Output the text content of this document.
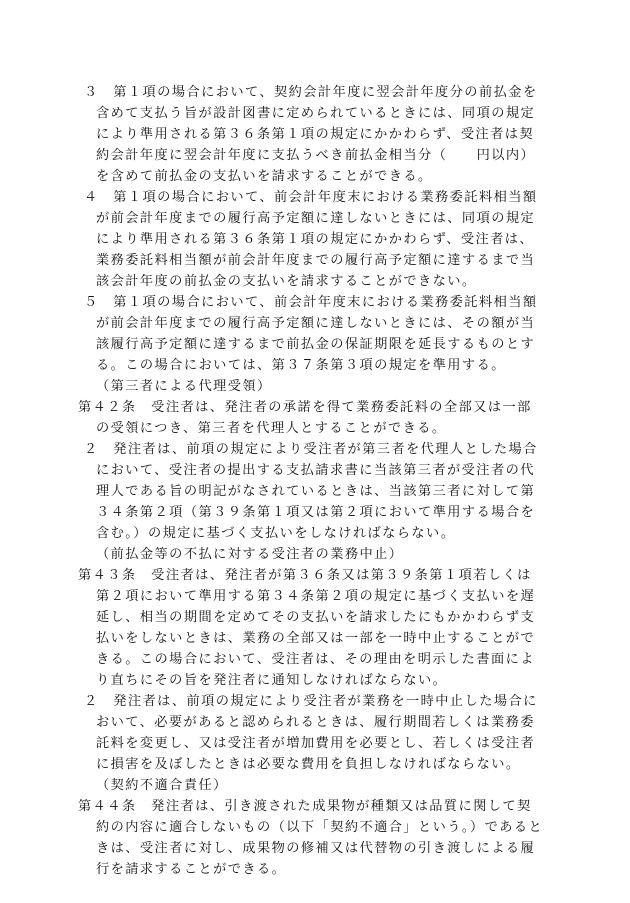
３　第１項の場合において、契約会計年度に翌会計年度分の前払金を
含めて支払う旨が設計図書に定められているときには、同項の規定
により準用される第３６条第１項の規定にかかわらず、受注者は契
約会計年度に翌会計年度に支払うべき前払金相当分（　　円以内）
を含めて前払金の支払いを請求することができる。
４　第１項の場合において、前会計年度末における業務委託料相当額
が前会計年度までの履行高予定額に達しないときには、同項の規定
により準用される第３６条第１項の規定にかかわらず、受注者は、
業務委託料相当額が前会計年度までの履行高予定額に達するまで当
該会計年度の前払金の支払いを請求することができない。
５　第１項の場合において、前会計年度末における業務委託料相当額
が前会計年度までの履行高予定額に達しないときには、その額が当
該履行高予定額に達するまで前払金の保証期限を延長するものとす
る。この場合においては、第３７条第３項の規定を準用する。
（第三者による代理受領）
第４２条　受注者は、発注者の承諾を得て業務委託料の全部又は一部
の受領につき、第三者を代理人とすることができる。
２　発注者は、前項の規定により受注者が第三者を代理人とした場合
において、受注者の提出する支払請求書に当該第三者が受注者の代
理人である旨の明記がなされているときは、当該第三者に対して第
３４条第２項（第３９条第１項又は第２項において準用する場合を
含む。）の規定に基づく支払いをしなければならない。
（前払金等の不払に対する受注者の業務中止）
第４３条　受注者は、発注者が第３６条又は第３９条第１項若しくは
第２項において準用する第３４条第２項の規定に基づく支払いを遅
延し、相当の期間を定めてその支払いを請求したにもかかわらず支
払いをしないときは、業務の全部又は一部を一時中止することがで
きる。この場合において、受注者は、その理由を明示した書面によ
り直ちにその旨を発注者に通知しなければならない。
２　発注者は、前項の規定により受注者が業務を一時中止した場合に
おいて、必要があると認められるときは、履行期間若しくは業務委
託料を変更し、又は受注者が増加費用を必要とし、若しくは受注者
に損害を及ぼしたときは必要な費用を負担しなければならない。
（契約不適合責任）
第４４条　発注者は、引き渡された成果物が種類又は品質に関して契
約の内容に適合しないもの（以下「契約不適合」という。）であると
きは、受注者に対し、成果物の修補又は代替物の引き渡しによる履
行を請求することができる。
